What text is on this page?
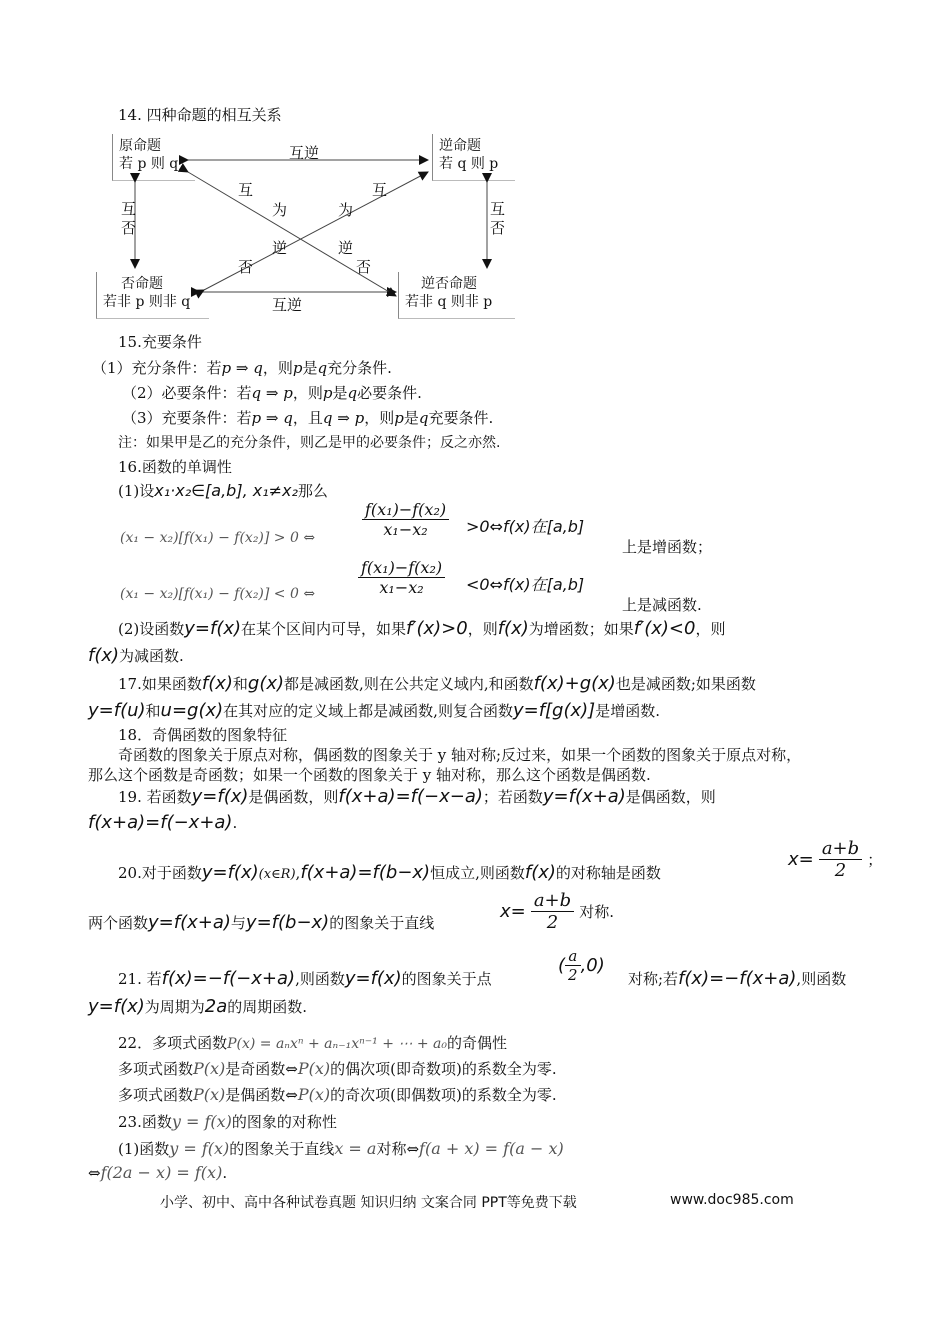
14. 四种命题的相互关系
原命题
若 p 则 q
逆命题
若 q 则 p
否命题
若非 p 则非 q
逆否命题
若非 q 则非 p
互逆
互逆
互
否
互
否
互
为
逆
否
互
为
逆
否
15.充要条件
（1）充分条件：若p ⇒ q，则p是q充分条件.
（2）必要条件：若q ⇒ p，则p是q必要条件.
（3）充要条件：若p ⇒ q，且q ⇒ p，则p是q充要条件.
注：如果甲是乙的充分条件，则乙是甲的必要条件；反之亦然.
16.函数的单调性
(1)设x₁·x₂∈[a,b], x₁≠x₂那么
(x₁ − x₂)[f(x₁) − f(x₂)] > 0 ⇔	$\frac{\text{f(x₁)−f(x₂)}}{\text{x₁−x₂}}$ >0⇔f(x)在[a,b]
上是增函数；
(x₁ − x₂)[f(x₁) − f(x₂)] < 0 ⇔	$\frac{\text{f(x₁)−f(x₂)}}{\text{x₁−x₂}}$ <0⇔f(x)在[a,b]
上是减函数.
(2)设函数y=f(x)在某个区间内可导，如果f′(x)>0，则f(x)为增函数；如果f′(x)<0，则
f(x)为减函数.
17.如果函数f(x)和g(x)都是减函数,则在公共定义域内,和函数f(x)+g(x)也是减函数;如果函数
y=f(u)和u=g(x)在其对应的定义域上都是减函数,则复合函数y=f[g(x)]是增函数.
18．奇偶函数的图象特征
奇函数的图象关于原点对称，偶函数的图象关于 y 轴对称;反过来，如果一个函数的图象关于原点对称，
那么这个函数是奇函数；如果一个函数的图象关于 y 轴对称，那么这个函数是偶函数.
19. 若函数y=f(x)是偶函数，则f(x+a)=f(−x−a)；若函数y=f(x+a)是偶函数，则
f(x+a)=f(−x+a).
20.对于函数y=f(x)(x∈R),f(x+a)=f(b−x)恒成立,则函数f(x)的对称轴是函数
$x= \frac{a+b}{2}$ ；
两个函数y=f(x+a)与y=f(b−x)的图象关于直线
$x= \frac{a+b}{2}$ 对称.
21. 若f(x)=−f(−x+a),则函数y=f(x)的图象关于点
( $\frac{a}{2} ,0$)
对称;若f(x)=−f(x+a),则函数
y=f(x)为周期为2a的周期函数.
22．多项式函数P(x) = aₙxⁿ + aₙ₋₁xⁿ⁻¹ + ⋯ + a₀的奇偶性
多项式函数P(x)是奇函数⇔P(x)的偶次项(即奇数项)的系数全为零.
多项式函数P(x)是偶函数⇔P(x)的奇次项(即偶数项)的系数全为零.
23.函数y = f(x)的图象的对称性
(1)函数y = f(x)的图象关于直线x = a对称⇔f(a + x) = f(a − x)
⇔f(2a − x) = f(x).
小学、初中、高中各种试卷真题 知识归纳 文案合同 PPT等免费下载	www.doc985.com
